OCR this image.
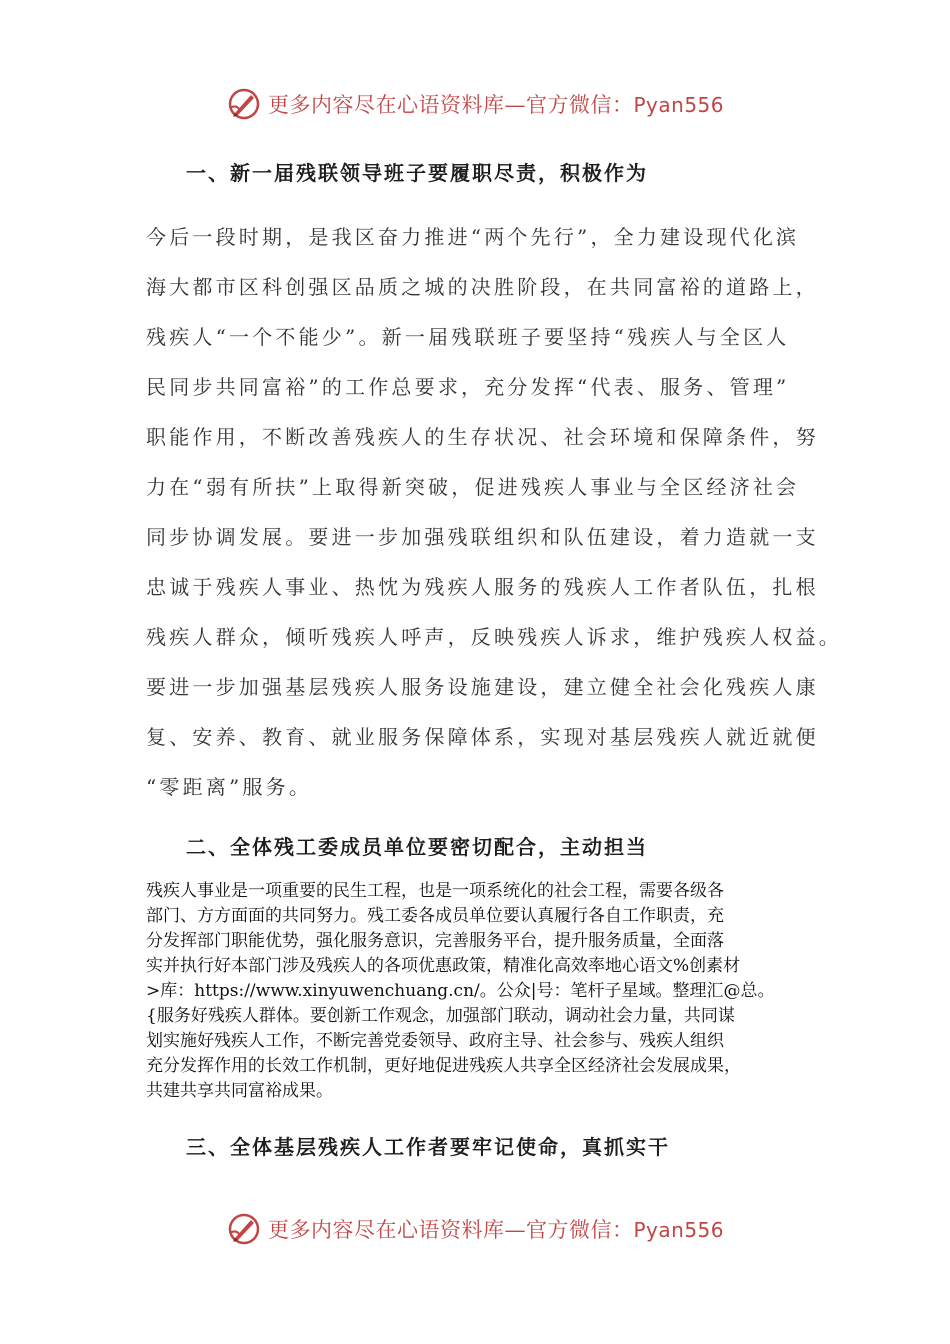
更多内容尽在心语资料库—官方微信：Pyan556
一、新一届残联领导班子要履职尽责，积极作为
今后一段时期，是我区奋力推进“两个先行”，全力建设现代化滨
海大都市区科创强区品质之城的决胜阶段，在共同富裕的道路上，
残疾人“一个不能少”。新一届残联班子要坚持“残疾人与全区人
民同步共同富裕”的工作总要求，充分发挥“代表、服务、管理”
职能作用，不断改善残疾人的生存状况、社会环境和保障条件，努
力在“弱有所扶”上取得新突破，促进残疾人事业与全区经济社会
同步协调发展。要进一步加强残联组织和队伍建设，着力造就一支
忠诚于残疾人事业、热忱为残疾人服务的残疾人工作者队伍，扎根
残疾人群众，倾听残疾人呼声，反映残疾人诉求，维护残疾人权益。
要进一步加强基层残疾人服务设施建设，建立健全社会化残疾人康
复、安养、教育、就业服务保障体系，实现对基层残疾人就近就便
“零距离”服务。
二、全体残工委成员单位要密切配合，主动担当
残疾人事业是一项重要的民生工程，也是一项系统化的社会工程，需要各级各
部门、方方面面的共同努力。残工委各成员单位要认真履行各自工作职责，充
分发挥部门职能优势，强化服务意识，完善服务平台，提升服务质量，全面落
实并执行好本部门涉及残疾人的各项优惠政策，精准化高效率地心语文%创素材
>库：https://www.xinyuwenchuang.cn/。公众|号：笔杆子星域。整理汇@总。
{服务好残疾人群体。要创新工作观念，加强部门联动，调动社会力量，共同谋
划实施好残疾人工作，不断完善党委领导、政府主导、社会参与、残疾人组织
充分发挥作用的长效工作机制，更好地促进残疾人共享全区经济社会发展成果，
共建共享共同富裕成果。
三、全体基层残疾人工作者要牢记使命，真抓实干
更多内容尽在心语资料库—官方微信：Pyan556
